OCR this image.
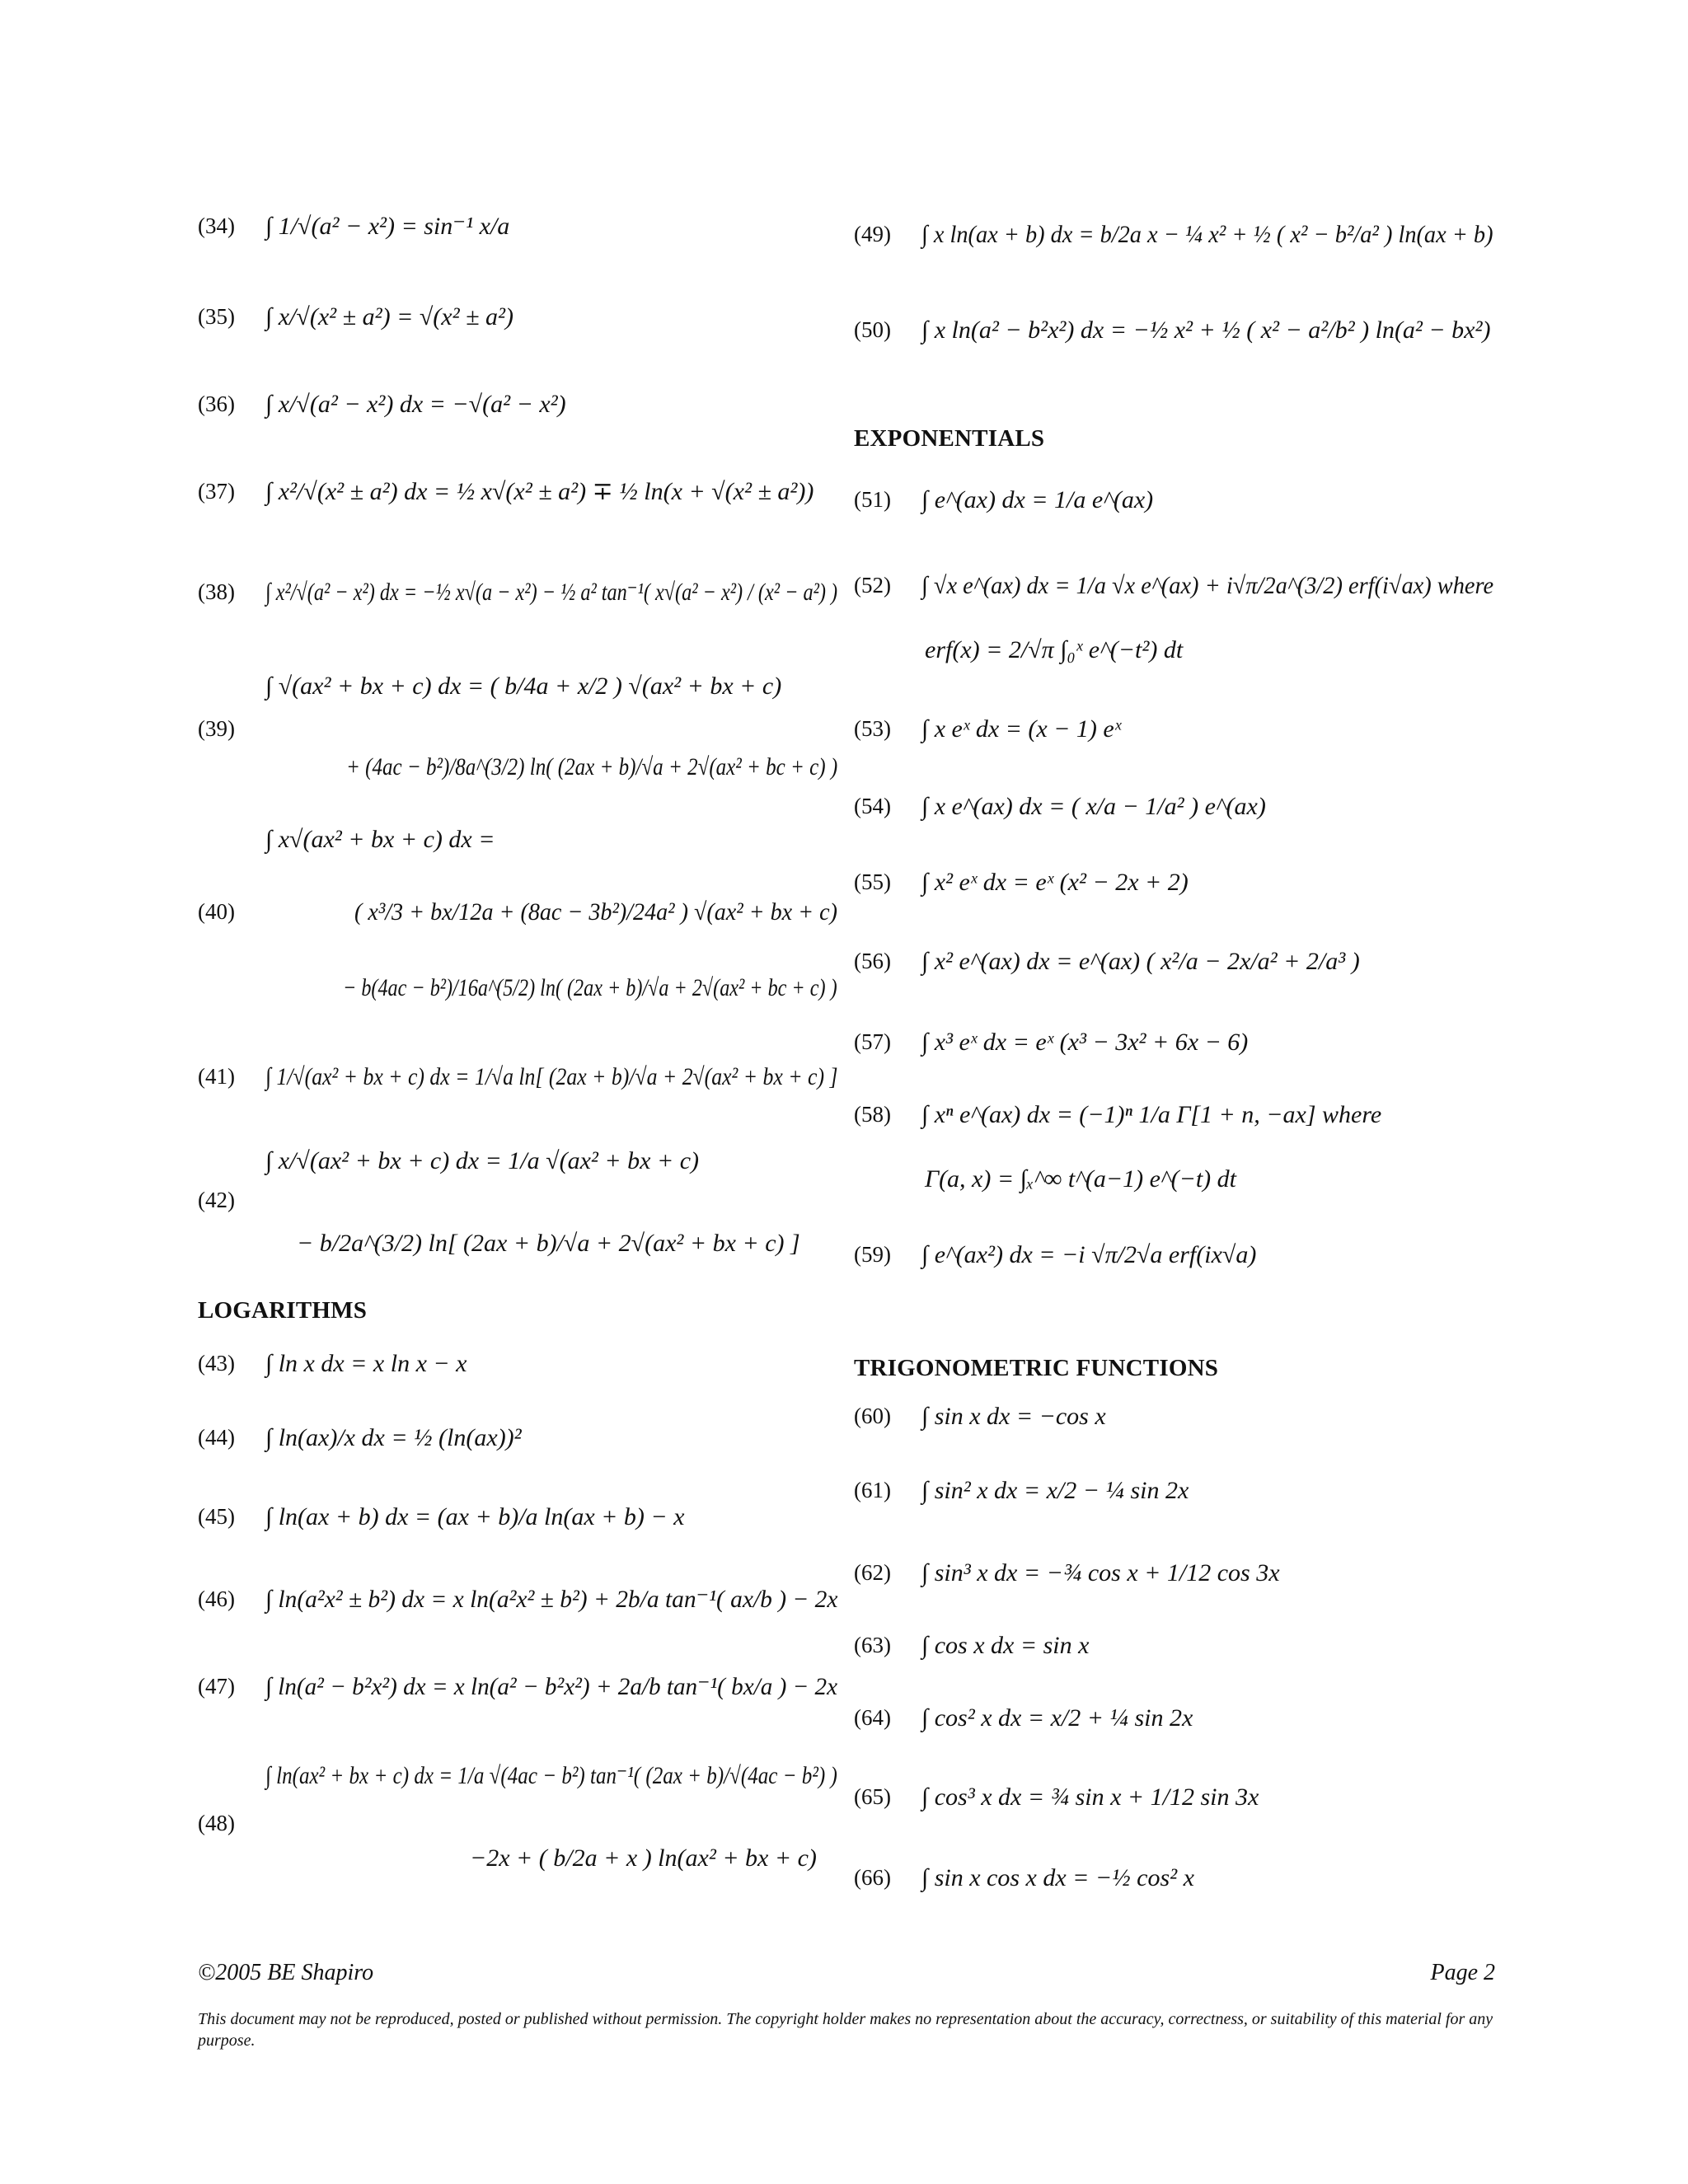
(34) ∫ 1/√(a² − x²) = sin⁻¹ x/a
(35) ∫ x/√(x² ± a²) = √(x² ± a²)
(36) ∫ x/√(a² − x²) dx = −√(a² − x²)
(37) ∫ x²/√(x² ± a²) dx = ½ x√(x² ± a²) ∓ ½ ln(x + √(x² ± a²))
(38) ∫ x²/√(a² − x²) dx = −½ x√(a − x²) − ½ a² tan⁻¹( x√(a² − x²) / (x² − a²) )
∫ √(ax² + bx + c) dx = ( b/4a + x/2 ) √(ax² + bx + c)
(39)
+ (4ac − b²)/8a^(3/2) ln( (2ax + b)/√a + 2√(ax² + bc + c) )
∫ x√(ax² + bx + c) dx =
(40)	( x³/3 + bx/12a + (8ac − 3b²)/24a² ) √(ax² + bx + c)
− b(4ac − b²)/16a^(5/2) ln( (2ax + b)/√a + 2√(ax² + bc + c) )
(41) ∫ 1/√(ax² + bx + c) dx = 1/√a ln[ (2ax + b)/√a + 2√(ax² + bx + c) ]
∫ x/√(ax² + bx + c) dx = 1/a √(ax² + bx + c)
(42)
− b/2a^(3/2) ln[ (2ax + b)/√a + 2√(ax² + bx + c) ]
LOGARITHMS
(43) ∫ ln x dx = x ln x − x
(44) ∫ ln(ax)/x dx = ½ (ln(ax))²
(45) ∫ ln(ax + b) dx = (ax + b)/a ln(ax + b) − x
(46) ∫ ln(a²x² ± b²) dx = x ln(a²x² ± b²) + 2b/a tan⁻¹( ax/b ) − 2x
(47) ∫ ln(a² − b²x²) dx = x ln(a² − b²x²) + 2a/b tan⁻¹( bx/a ) − 2x
∫ ln(ax² + bx + c) dx = 1/a √(4ac − b²) tan⁻¹( (2ax + b)/√(4ac − b²) )
(48)
−2x + ( b/2a + x ) ln(ax² + bx + c)
(49) ∫ x ln(ax + b) dx = b/2a x − ¼ x² + ½ ( x² − b²/a² ) ln(ax + b)
(50) ∫ x ln(a² − b²x²) dx = −½ x² + ½ ( x² − a²/b² ) ln(a² − bx²)
EXPONENTIALS
(51) ∫ e^(ax) dx = 1/a e^(ax)
(52) ∫ √x e^(ax) dx = 1/a √x e^(ax) + i√π/2a^(3/2) erf(i√ax) where
erf(x) = 2/√π ∫₀ˣ e^(−t²) dt
(53) ∫ x eˣ dx = (x − 1) eˣ
(54) ∫ x e^(ax) dx = ( x/a − 1/a² ) e^(ax)
(55) ∫ x² eˣ dx = eˣ (x² − 2x + 2)
(56) ∫ x² e^(ax) dx = e^(ax) ( x²/a − 2x/a² + 2/a³ )
(57) ∫ x³ eˣ dx = eˣ (x³ − 3x² + 6x − 6)
(58) ∫ xⁿ e^(ax) dx = (−1)ⁿ 1/a Γ[1 + n, −ax] where
Γ(a, x) = ∫ₓ^∞ t^(a−1) e^(−t) dt
(59) ∫ e^(ax²) dx = −i √π/2√a erf(ix√a)
TRIGONOMETRIC FUNCTIONS
(60) ∫ sin x dx = −cos x
(61) ∫ sin² x dx = x/2 − ¼ sin 2x
(62) ∫ sin³ x dx = −¾ cos x + 1/12 cos 3x
(63) ∫ cos x dx = sin x
(64) ∫ cos² x dx = x/2 + ¼ sin 2x
(65) ∫ cos³ x dx = ¾ sin x + 1/12 sin 3x
(66) ∫ sin x cos x dx = −½ cos² x
©2005 BE Shapiro	Page 2
This document may not be reproduced, posted or published without permission. The copyright holder makes no representation about the accuracy, correctness, or suitability of this material for any purpose.
